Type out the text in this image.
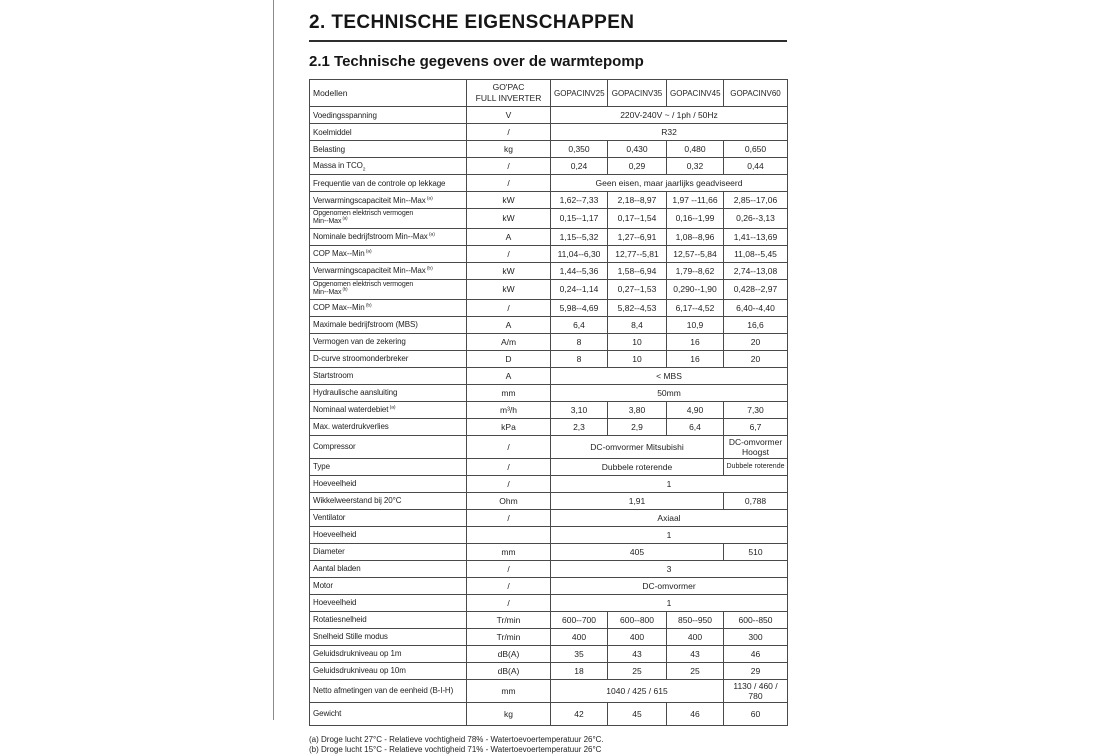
2. TECHNISCHE EIGENSCHAPPEN
2.1 Technische gegevens over de warmtepomp
Modellen	GO'PAC
FULL INVERTER	GOPACINV25	GOPACINV35	GOPACINV45	GOPACINV60
Voedingsspanning	V	220V-240V ~ / 1ph / 50Hz			
Koelmiddel	/	R32			
Belasting	kg	0,350	0,430	0,480	0,650
Massa in $TCO_2$	/	0,24	0,29	0,32	0,44
Frequentie van de controle op lekkage	/	Geen eisen, maar jaarlijks geadviseerd			
Verwarmingscapaciteit Min--Max $^{(a)}$	kW	1,62--7,33	2,18--8,97	1,97 --11,66	2,85--17,06
Opgenomen elektrisch vermogen
Min--Max $^{(a)}$	kW	0,15--1,17	0,17--1,54	0,16--1,99	0,26--3,13
Nominale bedrijfstroom Min--Max $^{(a)}$	A	1,15--5,32	1,27--6,91	1,08--8,96	1,41--13,69
COP Max--Min $^{(a)}$	/	11,04--6,30	12,77--5,81	12,57--5,84	11,08--5,45
Verwarmingscapaciteit Min--Max $^{(b)}$	kW	1,44--5,36	1,58--6,94	1,79--8,62	2,74--13,08
Opgenomen elektrisch vermogen
Min--Max $^{(b)}$	kW	0,24--1,14	0,27--1,53	0,290--1,90	0,428--2,97
COP Max--Min $^{(b)}$	/	5,98--4,69	5,82--4,53	6,17--4,52	6,40--4,40
Maximale bedrijfstroom (MBS)	A	6,4	8,4	10,9	16,6
Vermogen van de zekering	A/m	8	10	16	20
D-curve stroomonderbreker	D	8	10	16	20
Startstroom	A	< MBS			
Hydraulische aansluiting	mm	50mm			
Nominaal waterdebiet $^{(a)}$	m³/h	3,10	3,80	4,90	7,30
Max. waterdrukverlies	kPa	2,3	2,9	6,4	6,7
Compressor	/	DC-omvormer Mitsubishi			DC-omvormer Hoogst
Type	/	Dubbele roterende			Dubbele roterende
Hoeveelheid	/	1			
Wikkelweerstand bij 20°C	Ohm	1,91			0,788
Ventilator	/	Axiaal			
Hoeveelheid		1			
Diameter	mm	405			510
Aantal bladen	/	3			
Motor	/	DC-omvormer			
Hoeveelheid	/	1			
Rotatiesnelheid	Tr/min	600--700	600--800	850--950	600--850
Snelheid Stille modus	Tr/min	400	400	400	300
Geluidsdrukniveau op 1m	dB(A)	35	43	43	46
Geluidsdrukniveau op 10m	dB(A)	18	25	25	29
Netto afmetingen van de eenheid (B-I-H)	mm	1040 / 425 / 615			1130 / 460 / 780
Gewicht	kg	42	45	46	60
(a) Droge lucht 27°C - Relatieve vochtigheid 78% - Watertoevoertemperatuur 26°C.
(b) Droge lucht 15°C - Relatieve vochtigheid 71% - Watertoevoertemperatuur 26°C
